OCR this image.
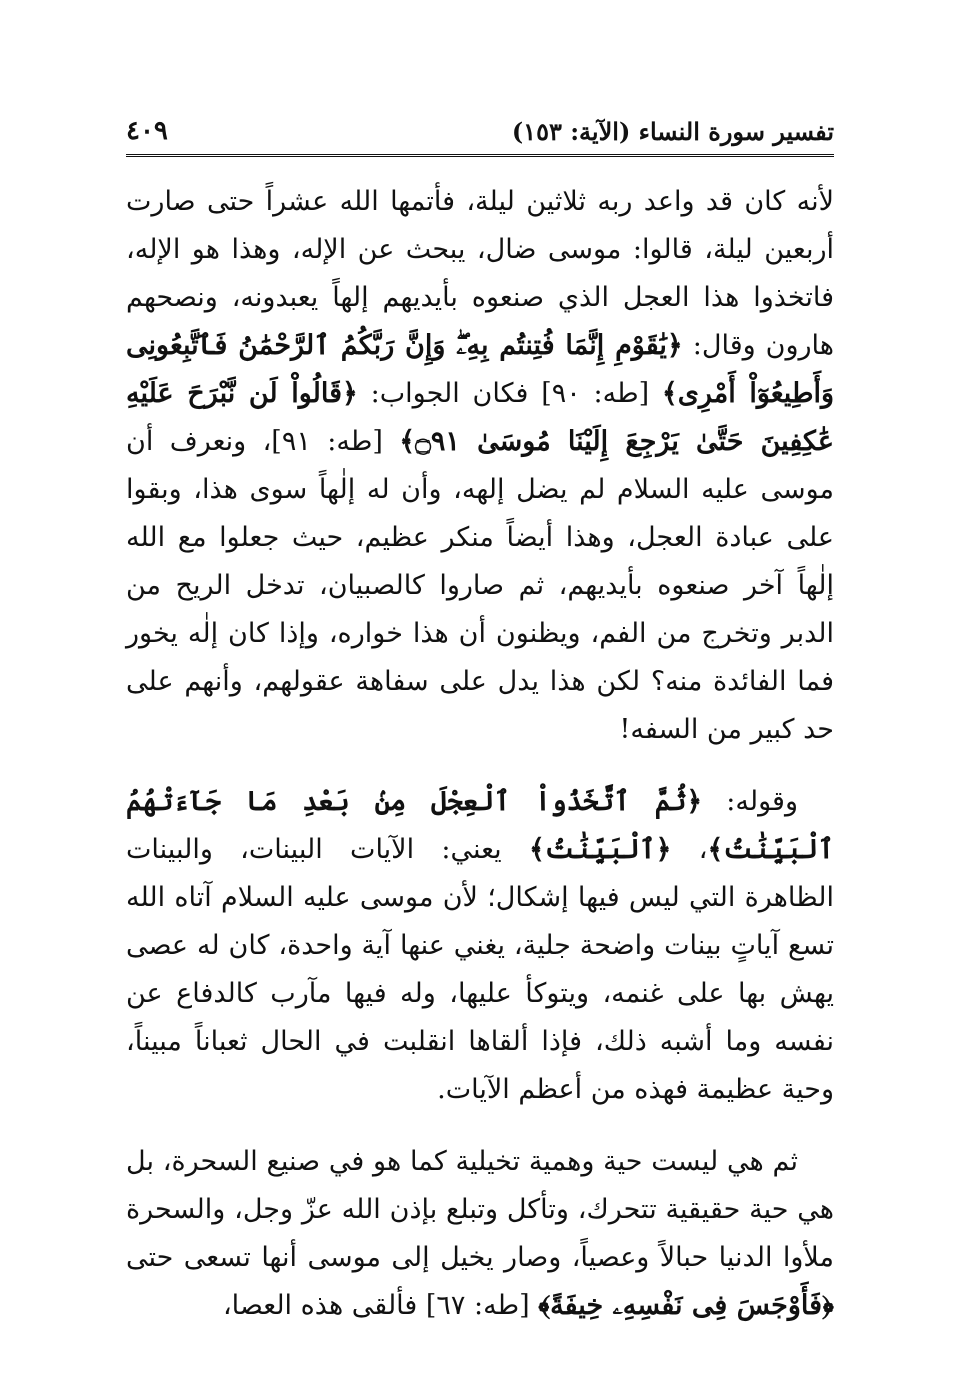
تفسير سورة النساء (الآية: ١٥٣)
٤٠٩

لأنه كان قد واعد ربه ثلاثين ليلة، فأتمها الله عشراً حتى صارت أربعين ليلة، قالوا: موسى ضال، يبحث عن الإله، وهذا هو الإله، فاتخذوا هذا العجل الذي صنعوه بأيديهم إلهاً يعبدونه، ونصحهم هارون وقال: ﴿يَٰقَوْمِ إِنَّمَا فُتِنتُم بِهِۦۖ وَإِنَّ رَبَّكُمُ ٱلرَّحْمَٰنُ فَٱتَّبِعُونِى وَأَطِيعُوٓاْ أَمْرِى﴾ [طه: ٩٠] فكان الجواب: ﴿قَالُواْ لَن نَّبْرَحَ عَلَيْهِ عَٰكِفِينَ حَتَّىٰ يَرْجِعَ إِلَيْنَا مُوسَىٰ ۝٩١﴾ [طه: ٩١]، ونعرف أن موسى عليه السلام لم يضل إلهه، وأن له إلٰهاً سوى هذا، وبقوا على عبادة العجل، وهذا أيضاً منكر عظيم، حيث جعلوا مع الله إلٰهاً آخر صنعوه بأيديهم، ثم صاروا كالصبيان، تدخل الريح من الدبر وتخرج من الفم، ويظنون أن هذا خواره، وإذا كان إلٰه يخور فما الفائدة منه؟ لكن هذا يدل على سفاهة عقولهم، وأنهم على حد كبير من السفه!

وقوله: ﴿ثُمَّ ٱتَّخَذُواْ ٱلْعِجْلَ مِنۢ بَعْدِ مَا جَآءَتْهُمُ ٱلْبَيِّنَٰتُ﴾، ﴿ٱلْبَيِّنَٰتُ﴾ يعني: الآيات البينات، والبينات الظاهرة التي ليس فيها إشكال؛ لأن موسى عليه السلام آتاه الله تسع آياتٍ بينات واضحة جلية، يغني عنها آية واحدة، كان له عصى يهش بها على غنمه، ويتوكأ عليها، وله فيها مآرب كالدفاع عن نفسه وما أشبه ذلك، فإذا ألقاها انقلبت في الحال ثعباناً مبيناً، وحية عظيمة فهذه من أعظم الآيات.

ثم هي ليست حية وهمية تخيلية كما هو في صنيع السحرة، بل هي حية حقيقية تتحرك، وتأكل وتبلع بإذن الله عزّ وجل، والسحرة ملأوا الدنيا حبالاً وعصياً، وصار يخيل إلى موسى أنها تسعى حتى ﴿فَأَوْجَسَ فِى نَفْسِهِۦ خِيفَةً﴾ [طه: ٦٧] فألقى هذه العصا،
